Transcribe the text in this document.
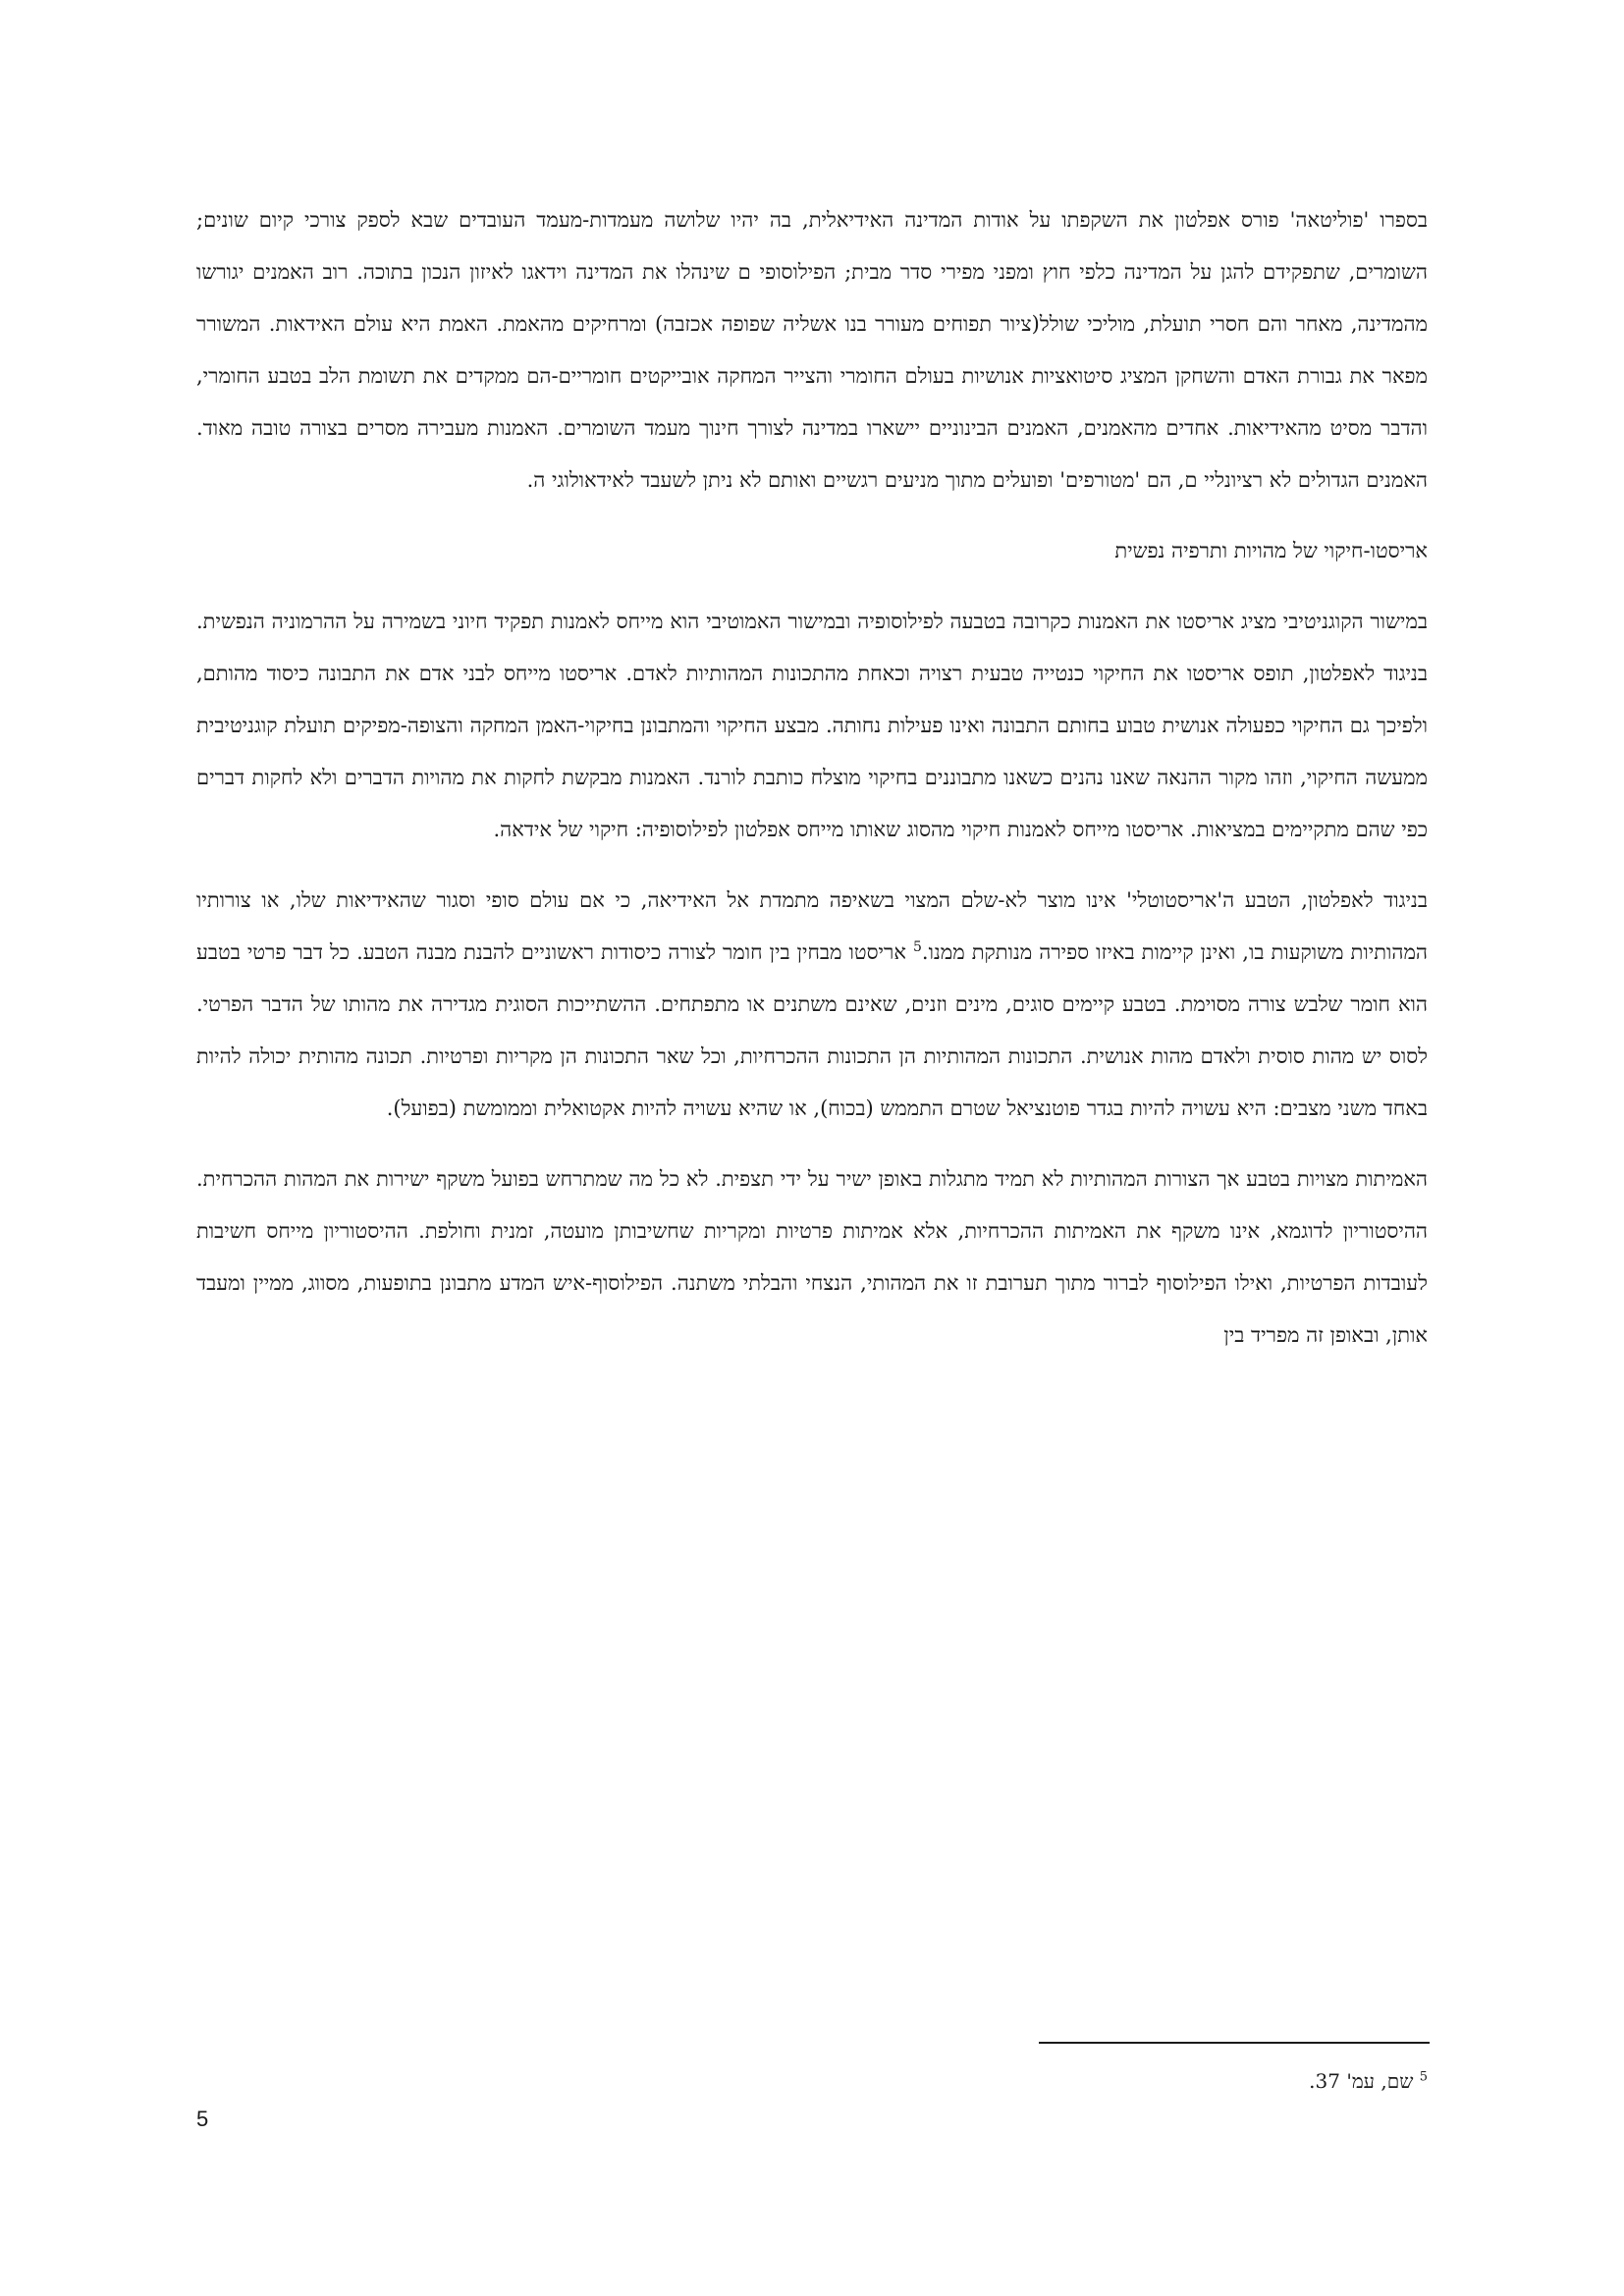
בספרו 'פוליטאה' פורס אפלטון את השקפתו על אודות המדינה האידיאלית, בה יהיו שלושה מעמדות-מעמד העובדים שבא לספק צורכי קיום שונים; השומרים, שתפקידם להגן על המדינה כלפי חוץ ומפני מפירי סדר מבית; הפילוסופי ם שינהלו את המדינה וידאגו לאיזון הנכון בתוכה. רוב האמנים יגורשו מהמדינה, מאחר והם חסרי תועלת, מוליכי שולל(ציור תפוחים מעורר בנו אשליה שפופה אכזבה) ומרחיקים מהאמת. האמת היא עולם האידאות. המשורר מפאר את גבורת האדם והשחקן המציג סיטואציות אנושיות בעולם החומרי והצייר המחקה אובייקטים חומריים-הם ממקדים את תשומת הלב בטבע החומרי, והדבר מסיט מהאידיאות. אחדים מהאמנים, האמנים הבינוניים יישארו במדינה לצורך חינוך מעמד השומרים. האמנות מעבירה מסרים בצורה טובה מאוד. האמנים הגדולים לא רציונליי ם, הם 'מטורפים' ופועלים מתוך מניעים רגשיים ואותם לא ניתן לשעבד לאידאולוגי ה.

אריסטו-חיקוי של מהויות ותרפיה נפשית

במישור הקוגניטיבי מציג אריסטו את האמנות כקרובה בטבעה לפילוסופיה ובמישור האמוטיבי הוא מייחס לאמנות תפקיד חיוני בשמירה על ההרמוניה הנפשית. בניגוד לאפלטון, תופס אריסטו את החיקוי כנטייה טבעית רצויה וכאחת מהתכונות המהותיות לאדם. אריסטו מייחס לבני אדם את התבונה כיסוד מהותם, ולפיכך גם החיקוי כפעולה אנושית טבוע בחותם התבונה ואינו פעילות נחותה. מבצע החיקוי והמתבונן בחיקוי-האמן המחקה והצופה-מפיקים תועלת קוגניטיבית ממעשה החיקוי, וזהו מקור ההנאה שאנו נהנים כשאנו מתבוננים בחיקוי מוצלח כותבת לורנד. האמנות מבקשת לחקות את מהויות הדברים ולא לחקות דברים כפי שהם מתקיימים במציאות. אריסטו מייחס לאמנות חיקוי מהסוג שאותו מייחס אפלטון לפילוסופיה: חיקוי של אידאה.

בניגוד לאפלטון, הטבע ה'אריסטוטלי' אינו מוצר לא-שלם המצוי בשאיפה מתמדת אל האידיאה, כי אם עולם סופי וסגור שהאידיאות שלו, או צורותיו המהותיות משוקעות בו, ואינן קיימות באיזו ספירה מנותקת ממנו.$^5$ אריסטו מבחין בין חומר לצורה כיסודות ראשוניים להבנת מבנה הטבע. כל דבר פרטי בטבע הוא חומר שלבש צורה מסוימת. בטבע קיימים סוגים, מינים וזנים, שאינם משתנים או מתפתחים. ההשתייכות הסוגית מגדירה את מהותו של הדבר הפרטי. לסוס יש מהות סוסית ולאדם מהות אנושית. התכונות המהותיות הן התכונות ההכרחיות, וכל שאר התכונות הן מקריות ופרטיות. תכונה מהותית יכולה להיות באחד משני מצבים: היא עשויה להיות בגדר פוטנציאל שטרם התממש (בכוח), או שהיא עשויה להיות אקטואלית וממומשת (בפועל).

האמיתות מצויות בטבע אך הצורות המהותיות לא תמיד מתגלות באופן ישיר על ידי תצפית. לא כל מה שמתרחש בפועל משקף ישירות את המהות ההכרחית. ההיסטוריון לדוגמא, אינו משקף את האמיתות ההכרחיות, אלא אמיתות פרטיות ומקריות שחשיבותן מועטה, זמנית וחולפת. ההיסטוריון מייחס חשיבות לעובדות הפרטיות, ואילו הפילוסוף לברור מתוך תערובת זו את המהותי, הנצחי והבלתי משתנה. הפילוסוף-איש המדע מתבונן בתופעות, מסווג, ממיין ומעבד אותן, ובאופן זה מפריד בין

$^5$ שם, עמ' 37.
5
